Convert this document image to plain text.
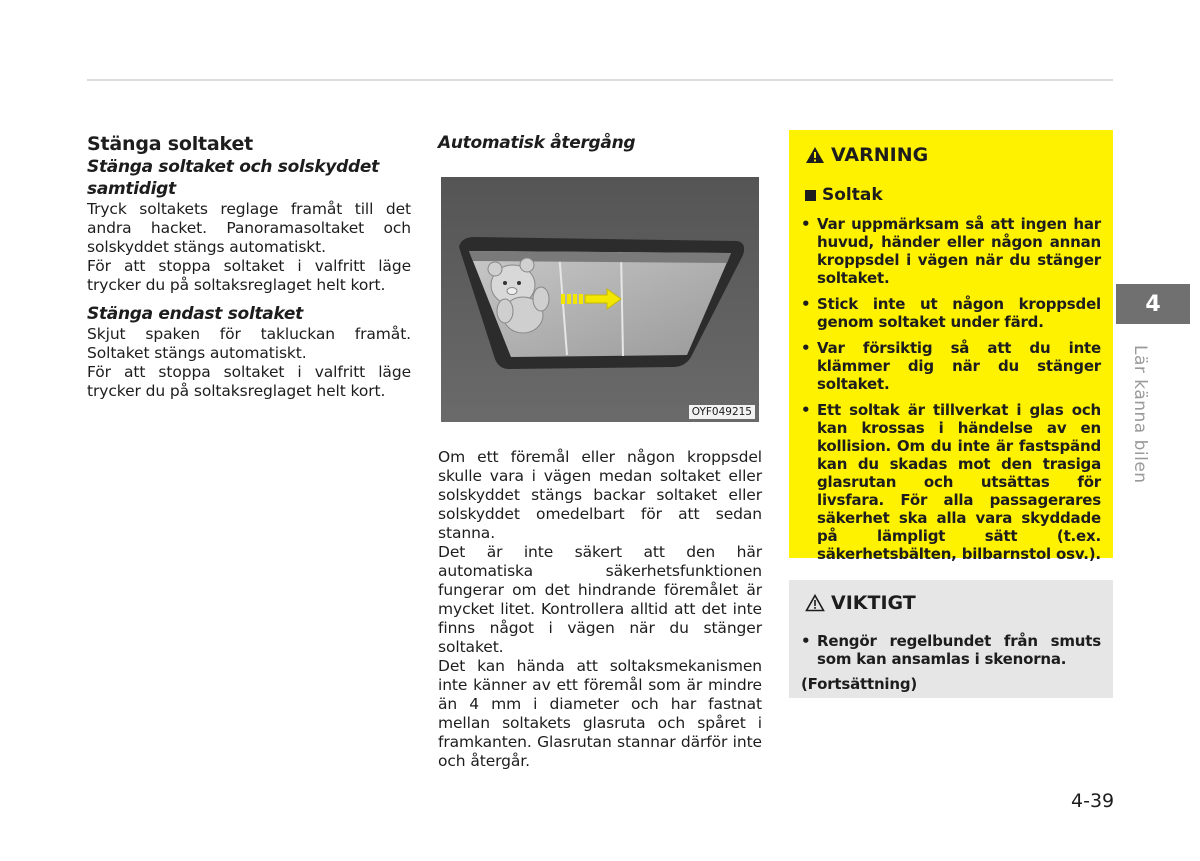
Stänga soltaket
Stänga soltaket och solskyddet samtidigt

Tryck soltakets reglage framåt till det andra hacket. Panoramasoltaket och solskyddet stängs automatiskt.

För att stoppa soltaket i valfritt läge trycker du på soltaksreglaget helt kort.

Stänga endast soltaket

Skjut spaken för takluckan framåt. Soltaket stängs automatiskt.

För att stoppa soltaket i valfritt läge trycker du på soltaksreglaget helt kort.

Automatisk återgång
OYF049215

Om ett föremål eller någon kroppsdel skulle vara i vägen medan soltaket eller solskyddet stängs backar soltaket eller solskyddet omedelbart för att sedan stanna.

Det är inte säkert att den här automatiska säkerhetsfunktionen fungerar om det hindrande föremålet är mycket litet. Kontrollera alltid att det inte finns något i vägen när du stänger soltaket.

Det kan hända att soltaksmekanismen inte känner av ett föremål som är mindre än 4 mm i diameter och har fastnat mellan soltakets glasruta och spåret i framkanten. Glasrutan stannar därför inte och återgår.

VARNING
Soltak
• Var uppmärksam så att ingen har huvud, händer eller någon annan kroppsdel i vägen när du stänger soltaket.
• Stick inte ut någon kroppsdel genom soltaket under färd.
• Var försiktig så att du inte klämmer dig när du stänger soltaket.
• Ett soltak är tillverkat i glas och kan krossas i händelse av en kollision. Om du inte är fastspänd kan du skadas mot den trasiga glasrutan och utsättas för livsfara. För alla passagerares säkerhet ska alla vara skyddade på lämpligt sätt (t.ex. säkerhetsbälten, bilbarnstol osv.).
VIKTIGT
• Rengör regelbundet från smuts som kan ansamlas i skenorna.
(Fortsättning)
4
Lär känna bilen
4-39
